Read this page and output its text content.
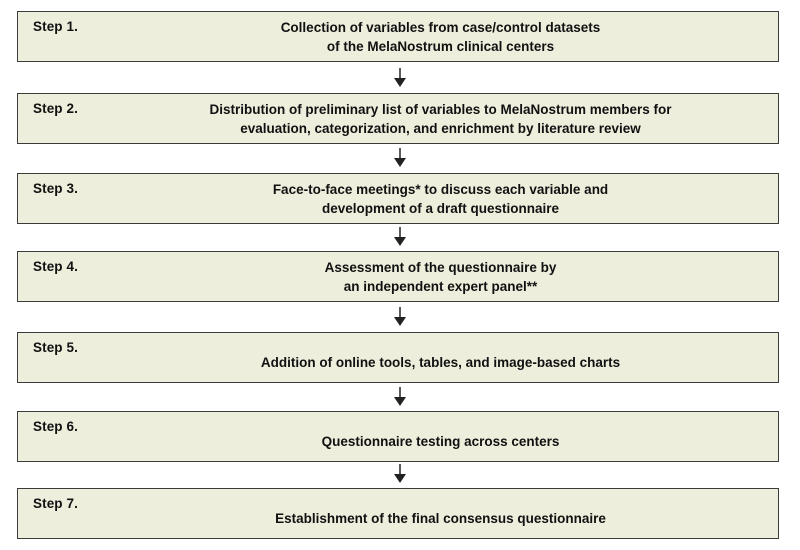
Step 1.	Collection of variables from case/control datasets
of the MelaNostrum clinical centers
Step 2.	Distribution of preliminary list of variables to MelaNostrum members for
evaluation, categorization, and enrichment by literature review
Step 3.	Face-to-face meetings* to discuss each variable and
development of a draft questionnaire
Step 4.	Assessment of the questionnaire by
an independent expert panel**
Step 5.
Addition of online tools, tables, and image-based charts
Step 6.
Questionnaire testing across centers
Step 7.
Establishment of the final consensus questionnaire
